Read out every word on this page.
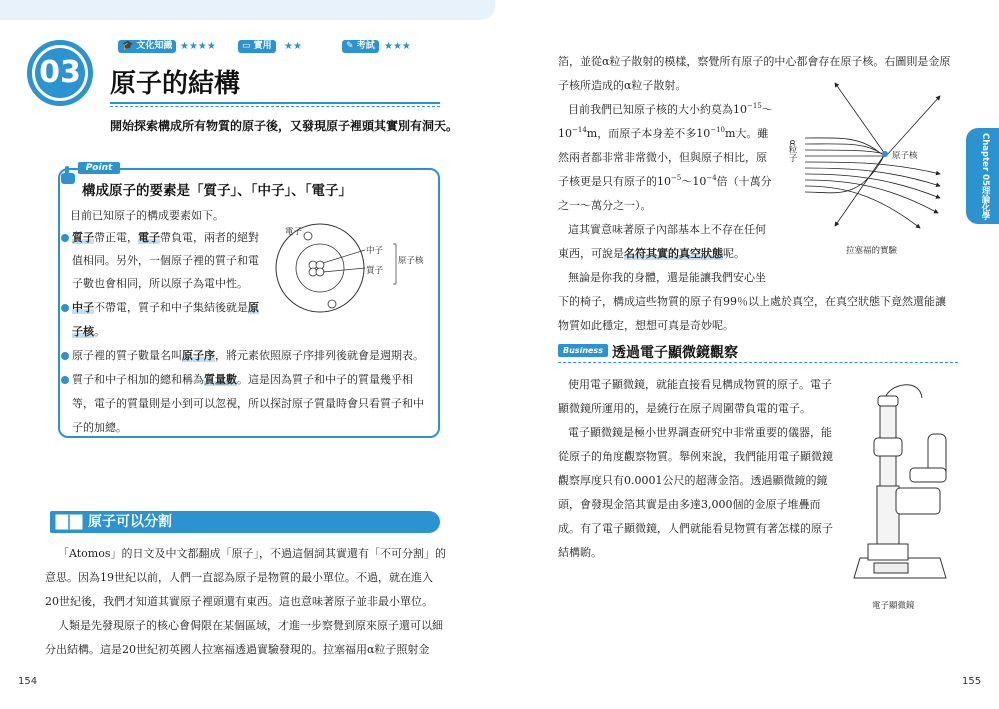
🎓 文化知識 ★★★★	▭ 實用	★★	✎ 考試 ★★★
03 原子的結構
開始探索構成所有物質的原子後，又發現原子裡頭其實別有洞天。
Point
構成原子的要素是「質子」、「中子」、「電子」
目前已知原子的構成要素如下。
質子帶正電，電子帶負電，兩者的絕對
值相同。另外，一個原子裡的質子和電
子數也會相同，所以原子為電中性。
中子不帶電，質子和中子集結後就是原
子核。
原子裡的質子數量名叫原子序，將元素依照原子序排列後就會是週期表。
質子和中子相加的總和稱為質量數。這是因為質子和中子的質量幾乎相
等，電子的質量則是小到可以忽視，所以探討原子質量時會只看質子和中
子的加總。
電子
中子
質子
原子核
原子可以分割
「Atomos」的日文及中文都翻成「原子」，不過這個詞其實還有「不可分割」的
意思。因為19世紀以前，人們一直認為原子是物質的最小單位。不過，就在進入
20世紀後，我們才知道其實原子裡頭還有東西。這也意味著原子並非最小單位。
人類是先發現原子的核心會侷限在某個區域，才進一步察覺到原來原子還可以細
分出結構。這是20世紀初英國人拉塞福透過實驗發現的。拉塞福用α粒子照射金
154
箔，並從α粒子散射的模樣，察覺所有原子的中心都會存在原子核。右圖則是金原
子核所造成的α粒子散射。
目前我們已知原子核的大小約莫為$10^{-15}\sim$
$10^{-14}m$，而原子本身差不多$10^{-10}m$大。雖
然兩者都非常非常微小，但與原子相比，原
子核更是只有原子的$10^{-5}\sim 10^{-4}$倍（十萬分
之一～萬分之一）。
這其實意味著原子內部基本上不存在任何
東西，可說是名符其實的真空狀態呢。
無論是你我的身體，還是能讓我們安心坐
下的椅子，構成這些物質的原子有99％以上處於真空，在真空狀態下竟然還能讓
物質如此穩定，想想可真是奇妙呢。
α粒子	原子核
拉塞福的實驗
Chapter 05
理論化學
Business 透過電子顯微鏡觀察
使用電子顯微鏡，就能直接看見構成物質的原子。電子
顯微鏡所運用的，是繞行在原子周圍帶負電的電子。
電子顯微鏡是極小世界調查研究中非常重要的儀器，能
從原子的角度觀察物質。舉例來說，我們能用電子顯微鏡
觀察厚度只有0.0001公尺的超薄金箔。透過顯微鏡的鏡
頭，會發現金箔其實是由多達3,000個的金原子堆疊而
成。有了電子顯微鏡，人們就能看見物質有著怎樣的原子
結構喲。
電子顯微鏡
155
